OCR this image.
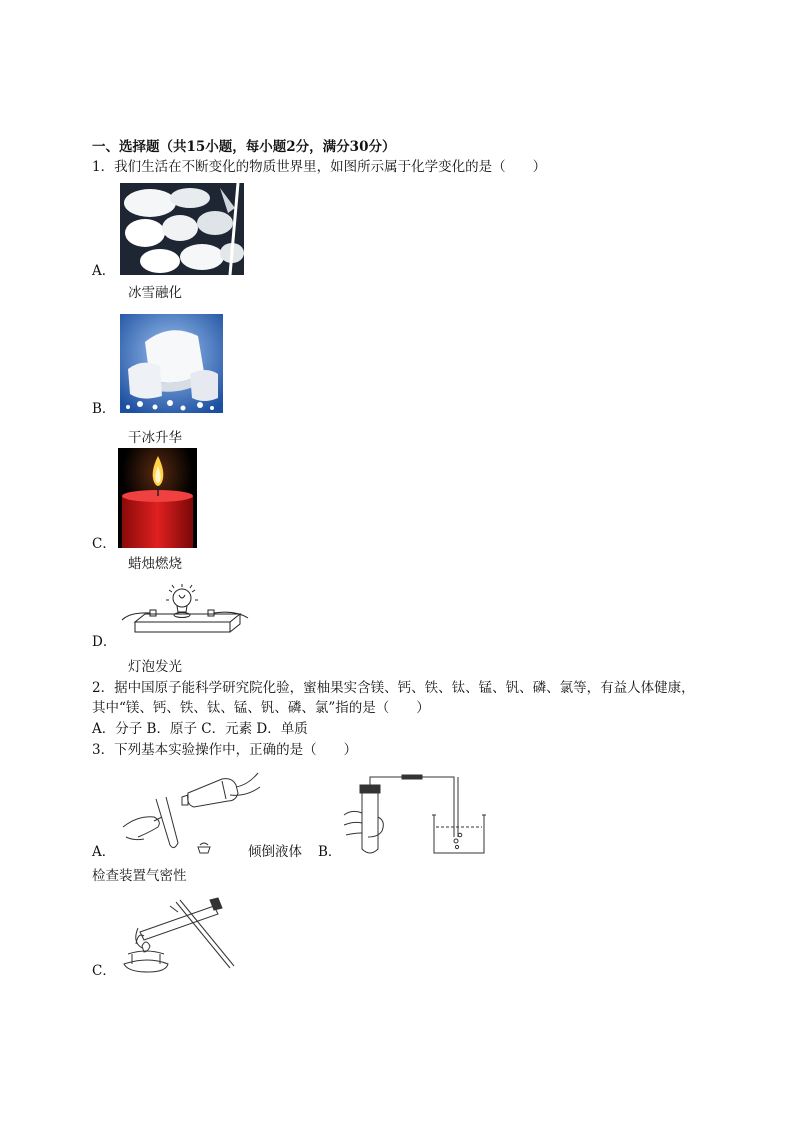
一、选择题（共15小题，每小题2分，满分30分）
1．我们生活在不断变化的物质世界里，如图所示属于化学变化的是（　　）
A．
冰雪融化
B．
干冰升华
C．
蜡烛燃烧
D．
灯泡发光
2．据中国原子能科学研究院化验，蜜柚果实含镁、钙、铁、钛、锰、钒、磷、氯等，有益人体健康，
其中“镁、钙、铁、钛、锰、钒、磷、氯”指的是（　　）
A．分子 B．原子 C．元素 D．单质
3．下列基本实验操作中，正确的是（　　）
A．	倾倒液体 B．
检查装置气密性
C．
